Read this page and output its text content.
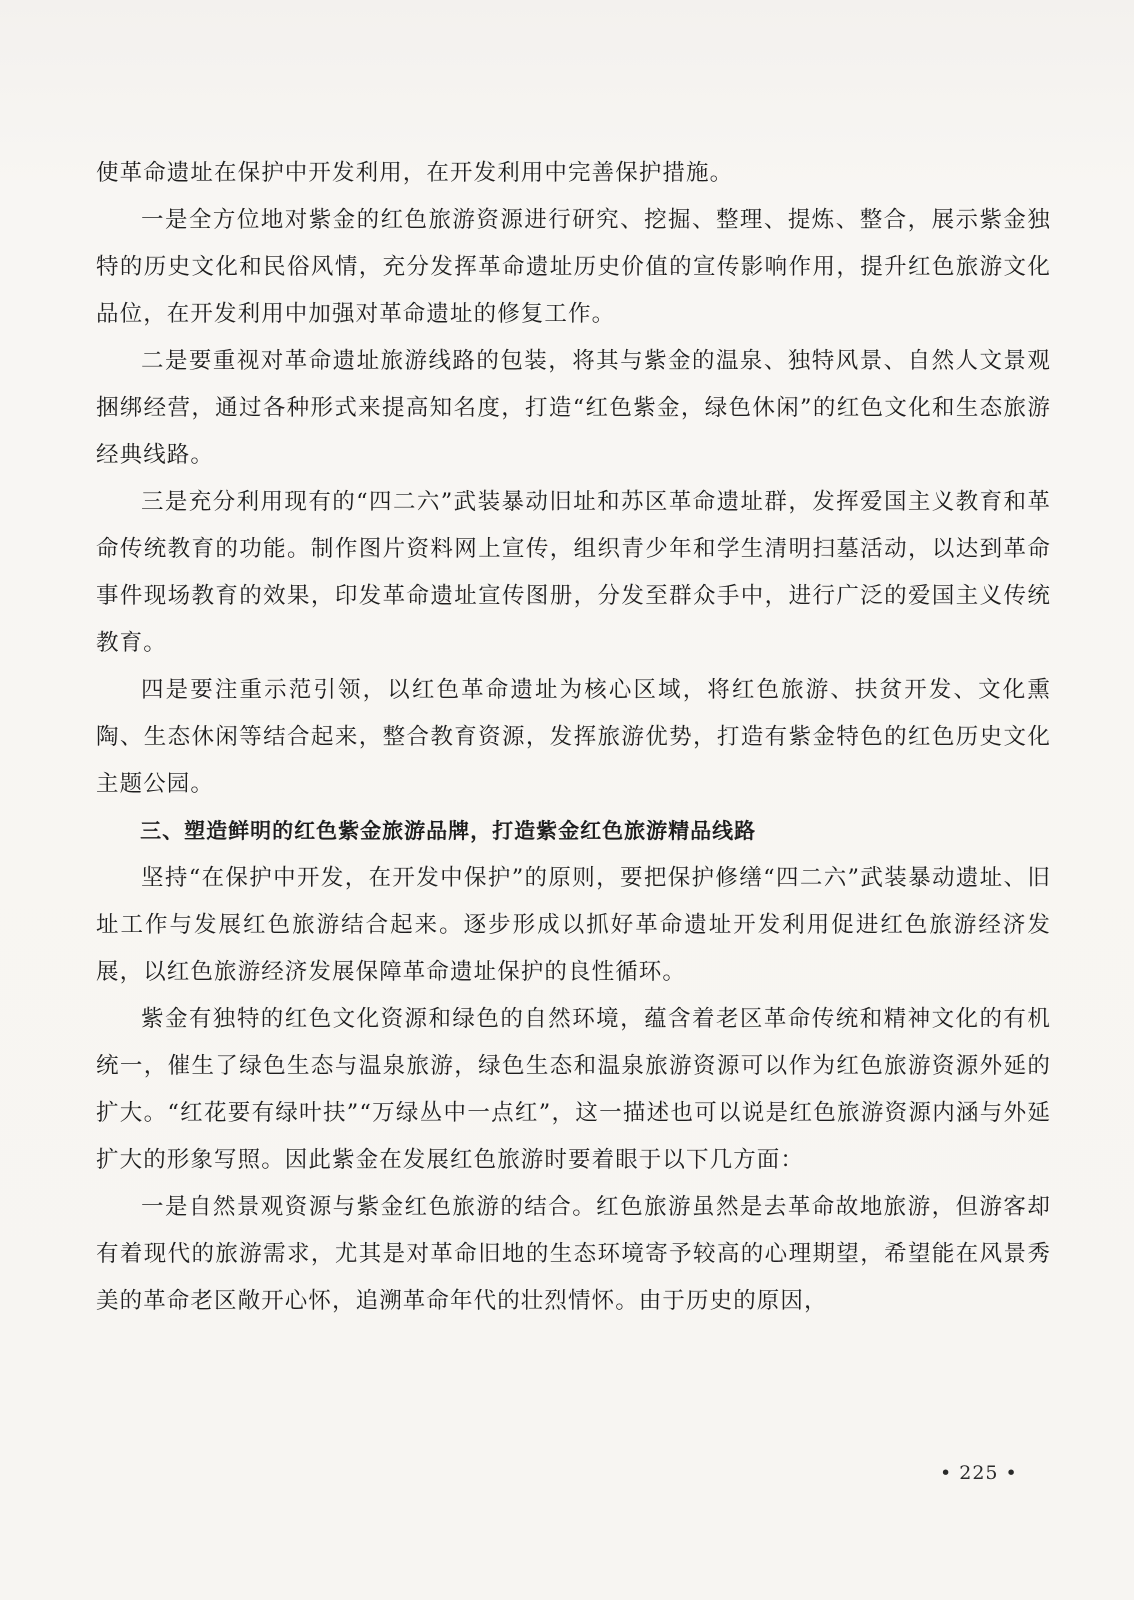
使革命遗址在保护中开发利用，在开发利用中完善保护措施。

一是全方位地对紫金的红色旅游资源进行研究、挖掘、整理、提炼、整合，展示紫金独特的历史文化和民俗风情，充分发挥革命遗址历史价值的宣传影响作用，提升红色旅游文化品位，在开发利用中加强对革命遗址的修复工作。

二是要重视对革命遗址旅游线路的包装，将其与紫金的温泉、独特风景、自然人文景观捆绑经营，通过各种形式来提高知名度，打造“红色紫金，绿色休闲”的红色文化和生态旅游经典线路。

三是充分利用现有的“四二六”武装暴动旧址和苏区革命遗址群，发挥爱国主义教育和革命传统教育的功能。制作图片资料网上宣传，组织青少年和学生清明扫墓活动，以达到革命事件现场教育的效果，印发革命遗址宣传图册，分发至群众手中，进行广泛的爱国主义传统教育。

四是要注重示范引领，以红色革命遗址为核心区域，将红色旅游、扶贫开发、文化熏陶、生态休闲等结合起来，整合教育资源，发挥旅游优势，打造有紫金特色的红色历史文化主题公园。

三、塑造鲜明的红色紫金旅游品牌，打造紫金红色旅游精品线路

坚持“在保护中开发，在开发中保护”的原则，要把保护修缮“四二六”武装暴动遗址、旧址工作与发展红色旅游结合起来。逐步形成以抓好革命遗址开发利用促进红色旅游经济发展，以红色旅游经济发展保障革命遗址保护的良性循环。

紫金有独特的红色文化资源和绿色的自然环境，蕴含着老区革命传统和精神文化的有机统一，催生了绿色生态与温泉旅游，绿色生态和温泉旅游资源可以作为红色旅游资源外延的扩大。“红花要有绿叶扶”“万绿丛中一点红”，这一描述也可以说是红色旅游资源内涵与外延扩大的形象写照。因此紫金在发展红色旅游时要着眼于以下几方面：

一是自然景观资源与紫金红色旅游的结合。红色旅游虽然是去革命故地旅游，但游客却有着现代的旅游需求，尤其是对革命旧地的生态环境寄予较高的心理期望，希望能在风景秀美的革命老区敞开心怀，追溯革命年代的壮烈情怀。由于历史的原因，

• 225 •
